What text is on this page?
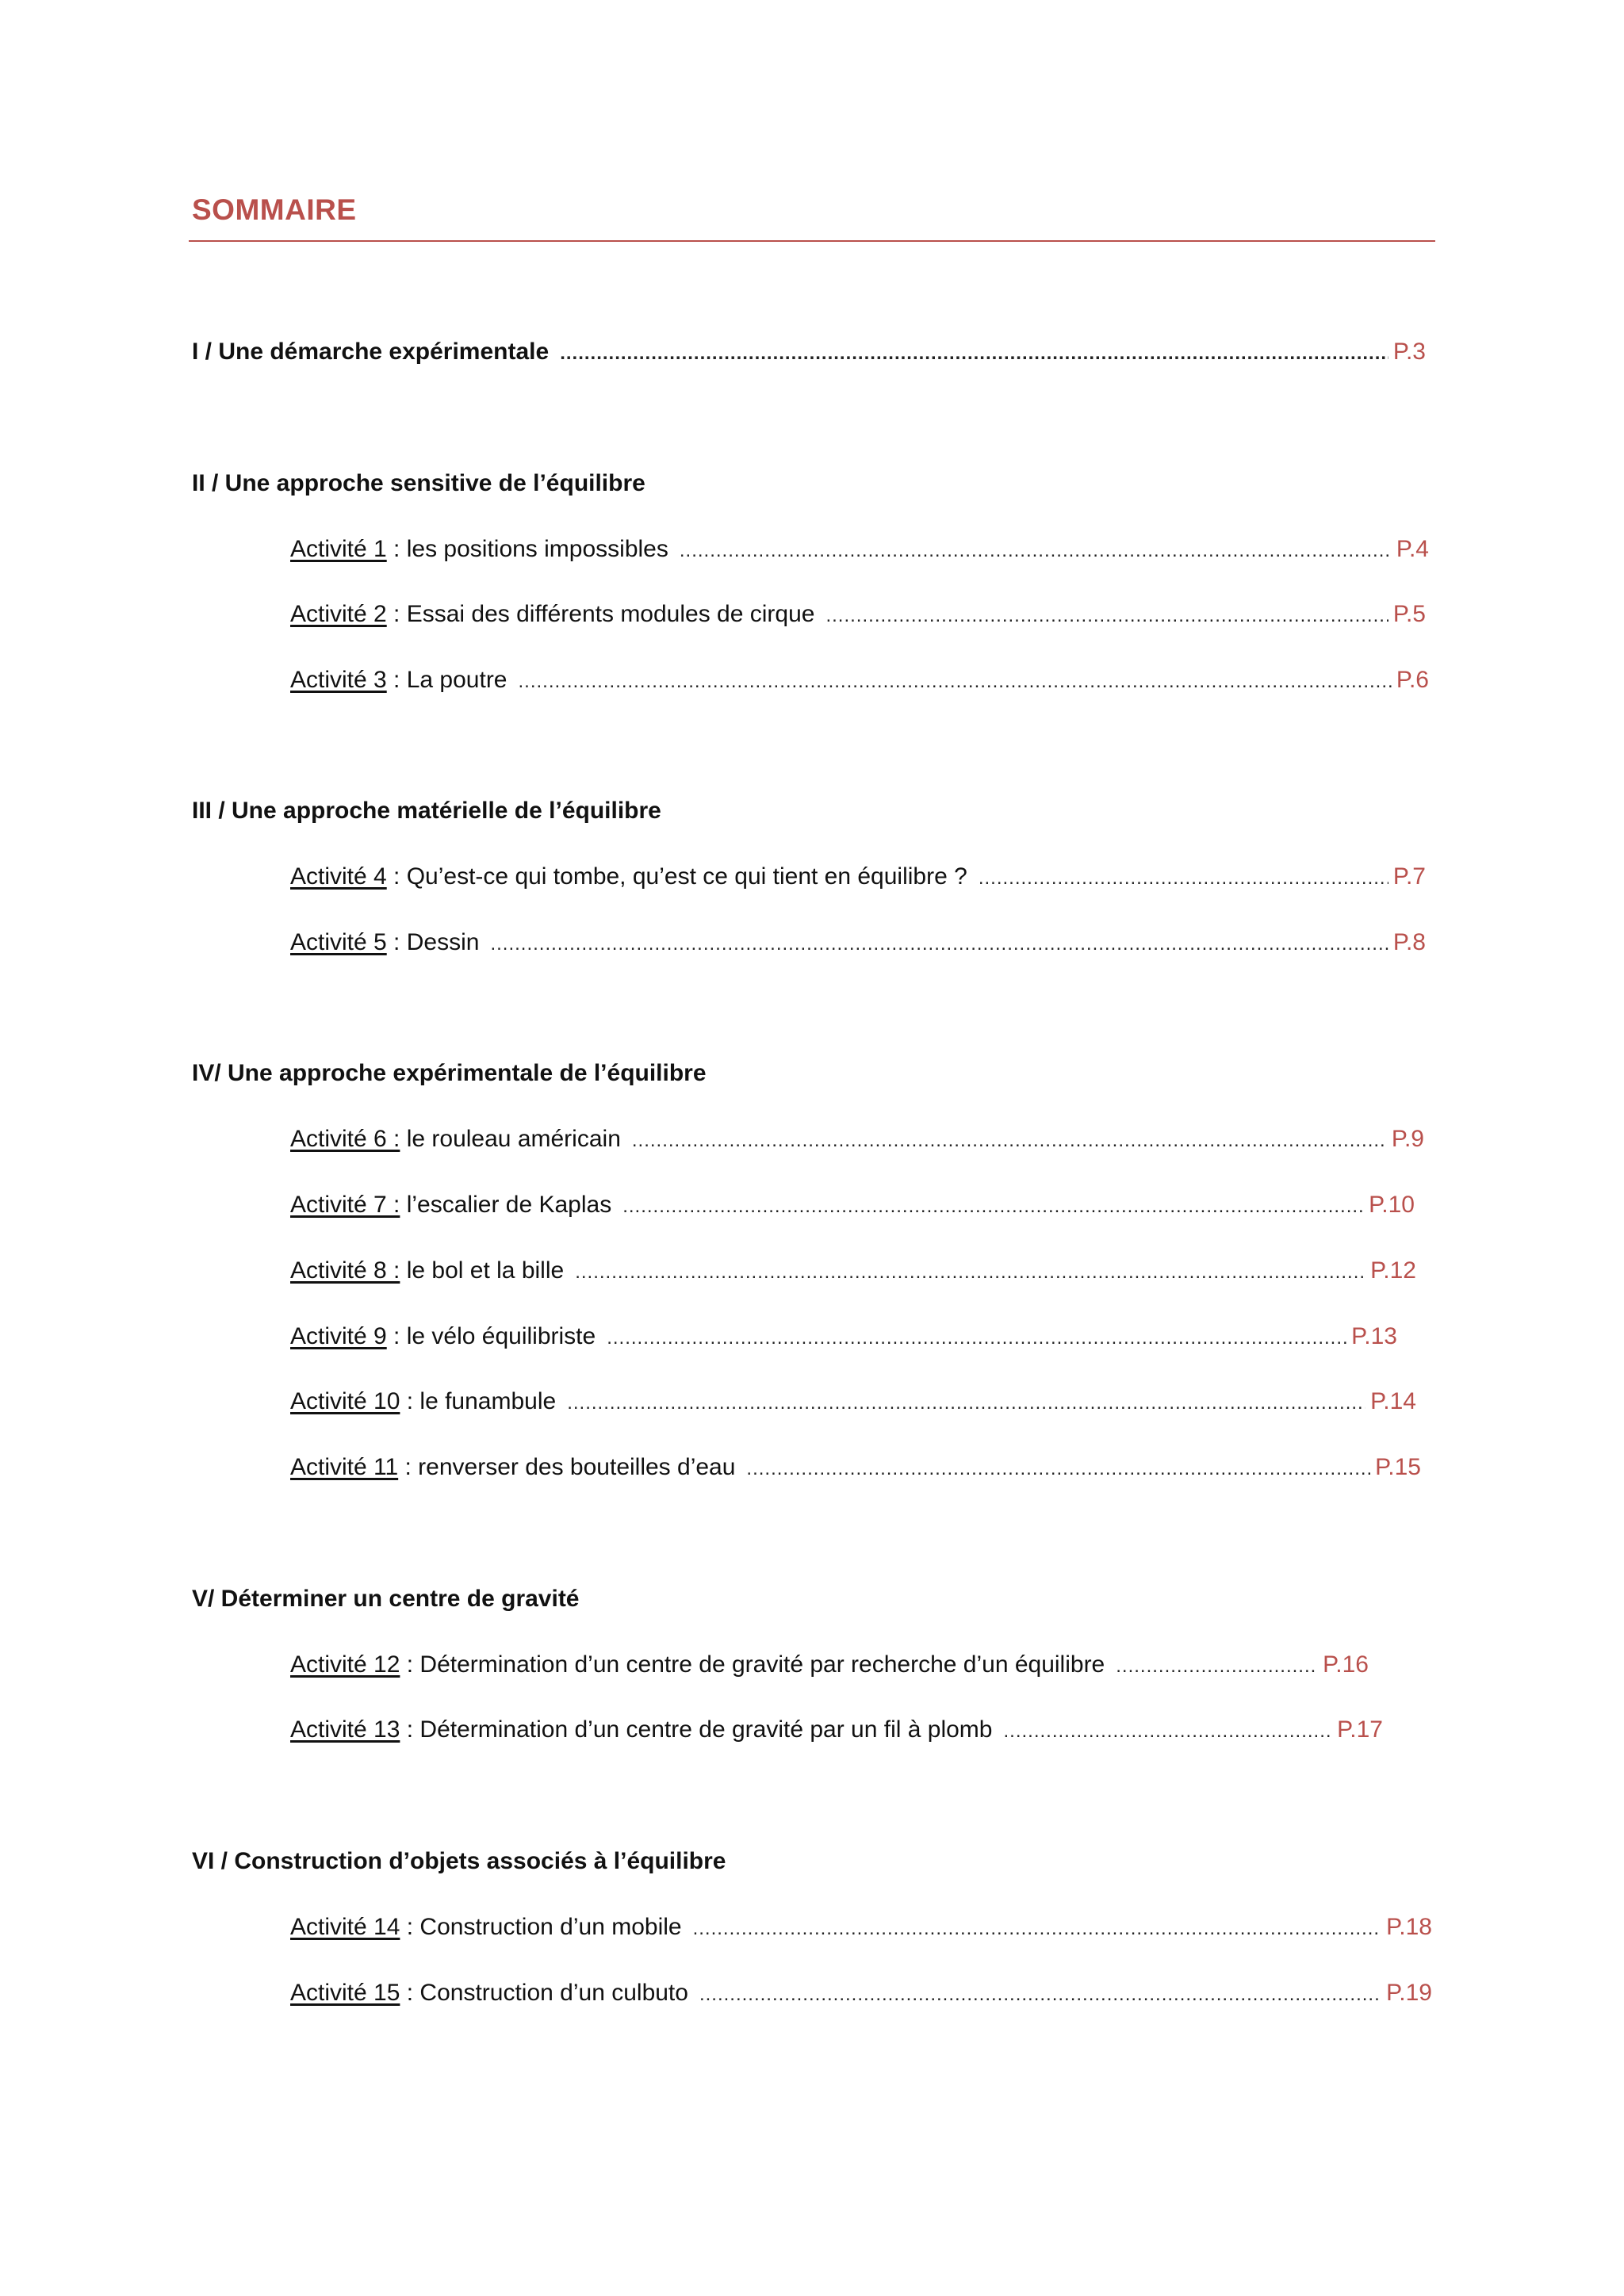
SOMMAIRE
I / Une démarche expérimentale .....	P.3
II / Une approche sensitive de l’équilibre
Activité 1 : les positions impossibles .....	P.4
Activité 2 : Essai des différents modules de cirque .....	P.5
Activité 3 : La poutre .....	P.6
III / Une approche matérielle de l’équilibre
Activité 4 : Qu’est-ce qui tombe, qu’est ce qui tient en équilibre ? .....	P.7
Activité 5 : Dessin .....	P.8
IV/ Une approche expérimentale de l’équilibre
Activité 6 : le rouleau américain .....	P.9
Activité 7 : l’escalier de Kaplas .....	P.10
Activité 8 : le bol et la bille .....	P.12
Activité 9 : le vélo équilibriste .....	P.13
Activité 10 : le funambule .....	P.14
Activité 11 : renverser des bouteilles d’eau .....	P.15
V/ Déterminer un centre de gravité
Activité 12 : Détermination d’un centre de gravité par recherche d’un équilibre .....	P.16
Activité 13 : Détermination d’un centre de gravité par un fil à plomb .....	P.17
VI / Construction d’objets associés à l’équilibre
Activité 14 : Construction d’un mobile .....	P.18
Activité 15 : Construction d’un culbuto .....	P.19
